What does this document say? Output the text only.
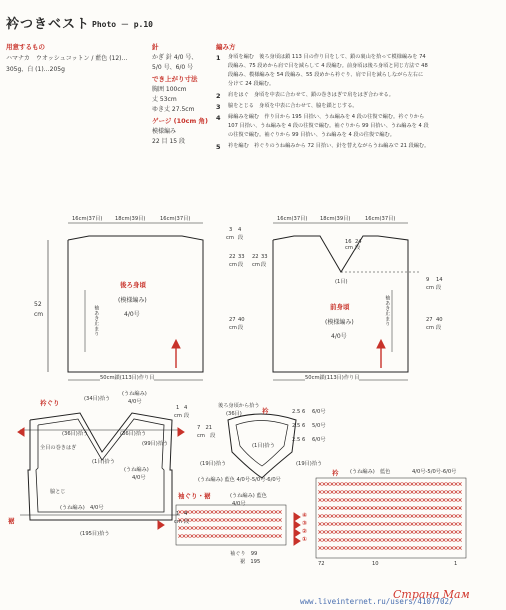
衿つきベスト Photo － p.10
用意するもの
ハマナカ　ウオッシュコットン / 藍色 (12)…
305g、白 (1)…205g
針
かぎ 針 4/0 号、
5/0 号、6/0 号
でき上がり寸法
胸囲 100cm
丈 53cm
ゆき丈 27.5cm
ゲージ (10cm 角)
模様編み
22 目 15 段
編み方
1 身頃を編む　後ろ身頃は鎖 113 目の作り目をして、鎖の裏山を拾って模様編みを 74
段編み、75 段めから肩で目を減らして 4 段編む。前身頃は後ろ身頃と同じ方法で 48
段編み、模様編みを 54 段編み、55 段めから衿ぐり、肩で目を減らしながら左右に
分けて 24 段編む。
2 肩をはぐ　身頃を中表に合わせて、鎖の巻きはぎで肩をはぎ合わせる。
3 脇をとじる　身頃を中表に合わせて、脇を鎖とじする。
4 縁編みを編む　作り目から 195 目拾い、うね編みを 4 段の往復で編む。衿ぐりから
107 目拾い、うね編みを 4 段の往復で編む。袖ぐりから 99 目拾い、うね編みを 4 段
の往復で編む。袖ぐりから 99 目拾い、うね編みを 4 段の往復で編む。
5 衿を編む　衿ぐりのうね編みから 72 目拾い、針を替えながらうね編みで 21 段編む。
16cm(37目) 18cm(39目)	16cm(37目)
後ろ身頃
(模様編み)
4/0号
52
cm	袖あき止まり
50cm鎖(113目)作り目
16cm(37目) 18cm(39目)	16cm(37目)
(1目)
16
cm
24
段
前身頃
(模様編み)
4/0号
袖あき止まり
50cm鎖(113目)作り目
3
cm
4
段
22
cm
33
段
27
cm
40
段
9
cm
14
段
27
cm
40
段
22
cm
33
段
衿ぐり
裾
(34目)拾う
(うね編み)
4/0号
(36目)拾う	(36目)拾う
全目の巻きはぎ
(1目)拾う
(99目)拾う
(うね編み)
4/0号
脇とじ
(うね編み)　4/0号
(195目)拾う
1 4
cm 段
1 4
cm 段
衿
後ろ身頃から拾う
(36目)
(1目)拾う
(19目)拾う	(19目)拾う
7　21
cm　段
2.5 6 6/0号
2.5 6 5/0号
2.5 6 6/0号
(うね編み) 藍色 4/0号-5/0号-6/0号
袖ぐり・裾	(うね編み) 藍色
4/0号
袖ぐり　99
裾　195
④
③
②
①
衿 (うね編み)　藍色	4/0号-5/0号-6/0号
72	10	1
Страна Мам
www.liveinternet.ru/users/4107702/
